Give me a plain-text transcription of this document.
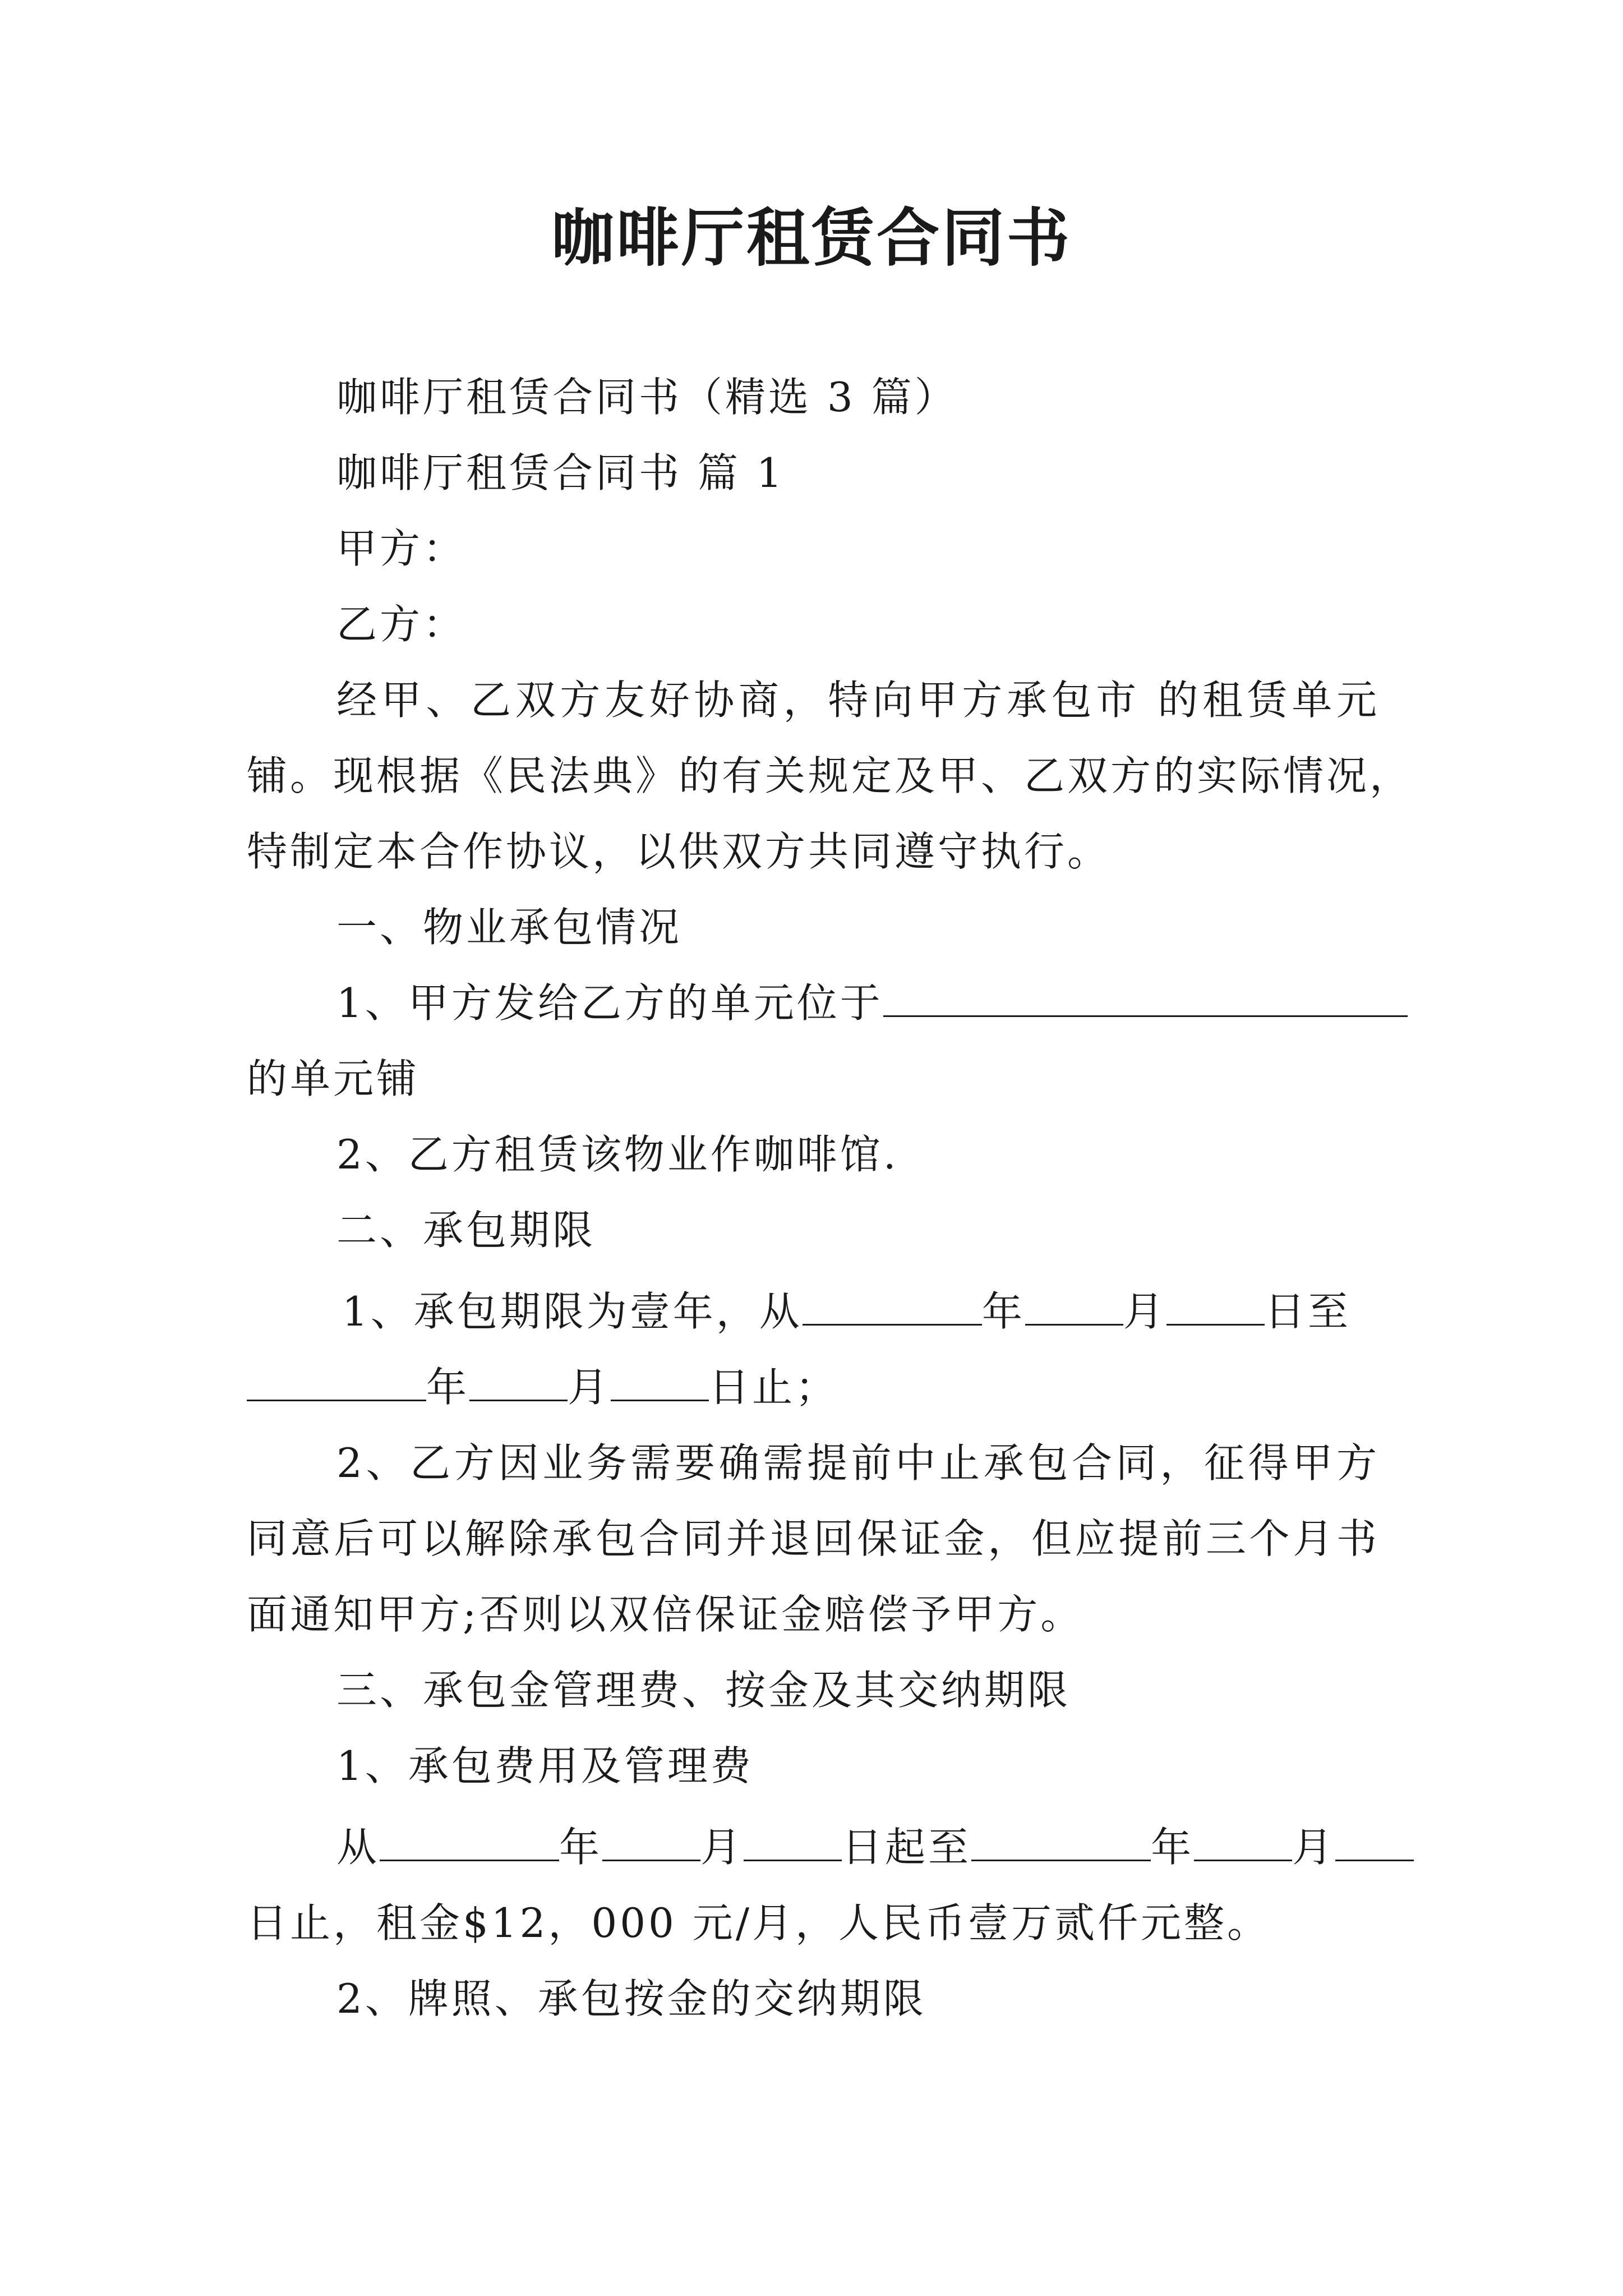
咖啡厅租赁合同书
咖啡厅租赁合同书（精选 3 篇）
咖啡厅租赁合同书 篇 1
甲方：
乙方：
经甲、乙双方友好协商，特向甲方承包市 的租赁单元
铺。现根据《民法典》的有关规定及甲、乙双方的实际情况，
特制定本合作协议，以供双方共同遵守执行。
一、物业承包情况
1、甲方发给乙方的单元位于
的单元铺
2、乙方租赁该物业作咖啡馆.
二、承包期限
1、承包期限为壹年，从	年 月 日至
年 月 日止；
2、乙方因业务需要确需提前中止承包合同，征得甲方
同意后可以解除承包合同并退回保证金，但应提前三个月书
面通知甲方;否则以双倍保证金赔偿予甲方。
三、承包金管理费、按金及其交纳期限
1、承包费用及管理费
从	年 月 日起至	年 月
日止，租金$12，000 元/月，人民币壹万贰仟元整。
2、牌照、承包按金的交纳期限
